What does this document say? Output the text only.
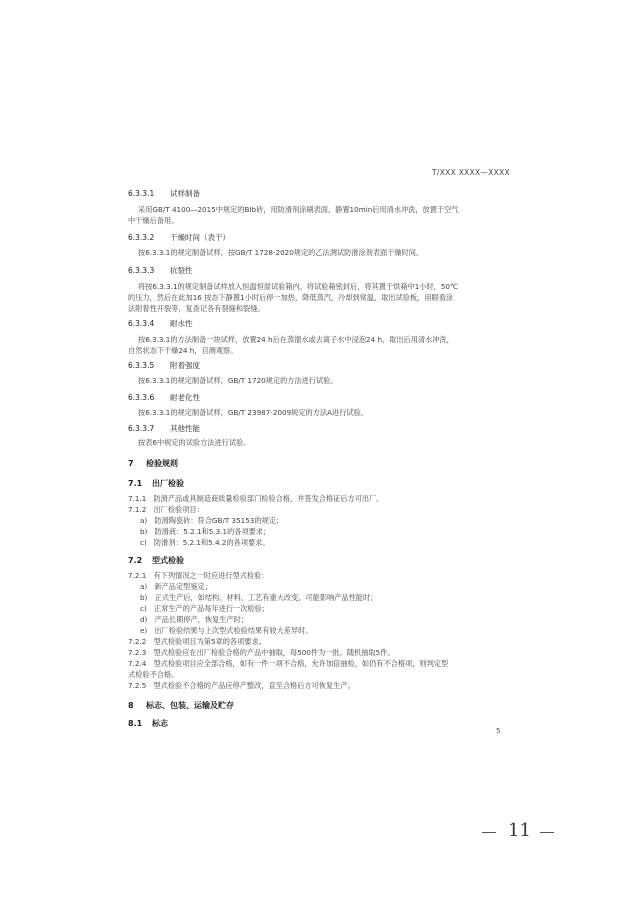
T/XXX XXXX—XXXX
6.3.3.1 试样制备
采用GB/T 4100—2015中规定的BIb砖，用防滑剂涂刷表面，静置10min后用清水冲洗，放置于空气
中干燥后备用。
6.3.3.2 干燥时间（表干）
按6.3.3.1的规定制备试样，按GB/T 1728-2020规定的乙法测试防滑涂剂表面干燥时间。
6.3.3.3 抗裂性
将按6.3.3.1的规定制备试样放入恒温恒湿试验箱内，将试验箱密封后，将其置于烘箱中1小时，50℃
的压力，然后在此加16 按态下静置1小时后停一加热，降低蒸汽，冷却到常温，取出试验板，用眼看涂
法附着性开裂等，复查记各有裂缝和裂缝。
6.3.3.4 耐水性
按6.3.3.1的方法制备一块试样，放置24 h后在蒸馏水或去离子水中浸泡24 h，取出后用清水冲洗，
自然状态下干燥24 h，目测观察。
6.3.3.5 附着强度
按6.3.3.1的规定制备试样，GB/T 1720规定的方法进行试验。
6.3.3.6 耐老化性
按6.3.3.1的规定制备试样，GB/T 23987-2009规定的方法A进行试验。
6.3.3.7 其他性能
按表6中规定的试验方法进行试验。
7 检验规则
7.1 出厂检验
7.1.1　防滑产品或具制造商质量检验部门检验合格，并签发合格证后方可出厂。
7.1.2　出厂检验项目：
a)　防滑陶瓷砖：符合GB/T 35153的规定；
b)　防滑液：5.2.1和5.3.1的各项要求；
c)　防滑剂：5.2.1和5.4.2的各项要求。
7.2 型式检验
7.2.1　有下列情况之一时应进行型式检验：
a)　新产品定型鉴定；
b)　正式生产后，如结构、材料、工艺有重大改变，可能影响产品性能时；
c)　正常生产的产品每年进行一次检验；
d)　产品长期停产，恢复生产时；
e)　出厂检验结果与上次型式检验结果有较大差异时。
7.2.2　型式检验项目为第5章的各项要求。
7.2.3　型式检验应在出厂检验合格的产品中抽取，每500件为一批，随机抽取5件。
7.2.4　型式检验项目应全部合格，如有一件一项不合格，允许加倍抽检，如仍有不合格项，则判定型
式检验不合格。
7.2.5　型式检验不合格的产品应停产整改，直至合格后方可恢复生产。
8 标志、包装、运输及贮存
8.1 标志
5
11
